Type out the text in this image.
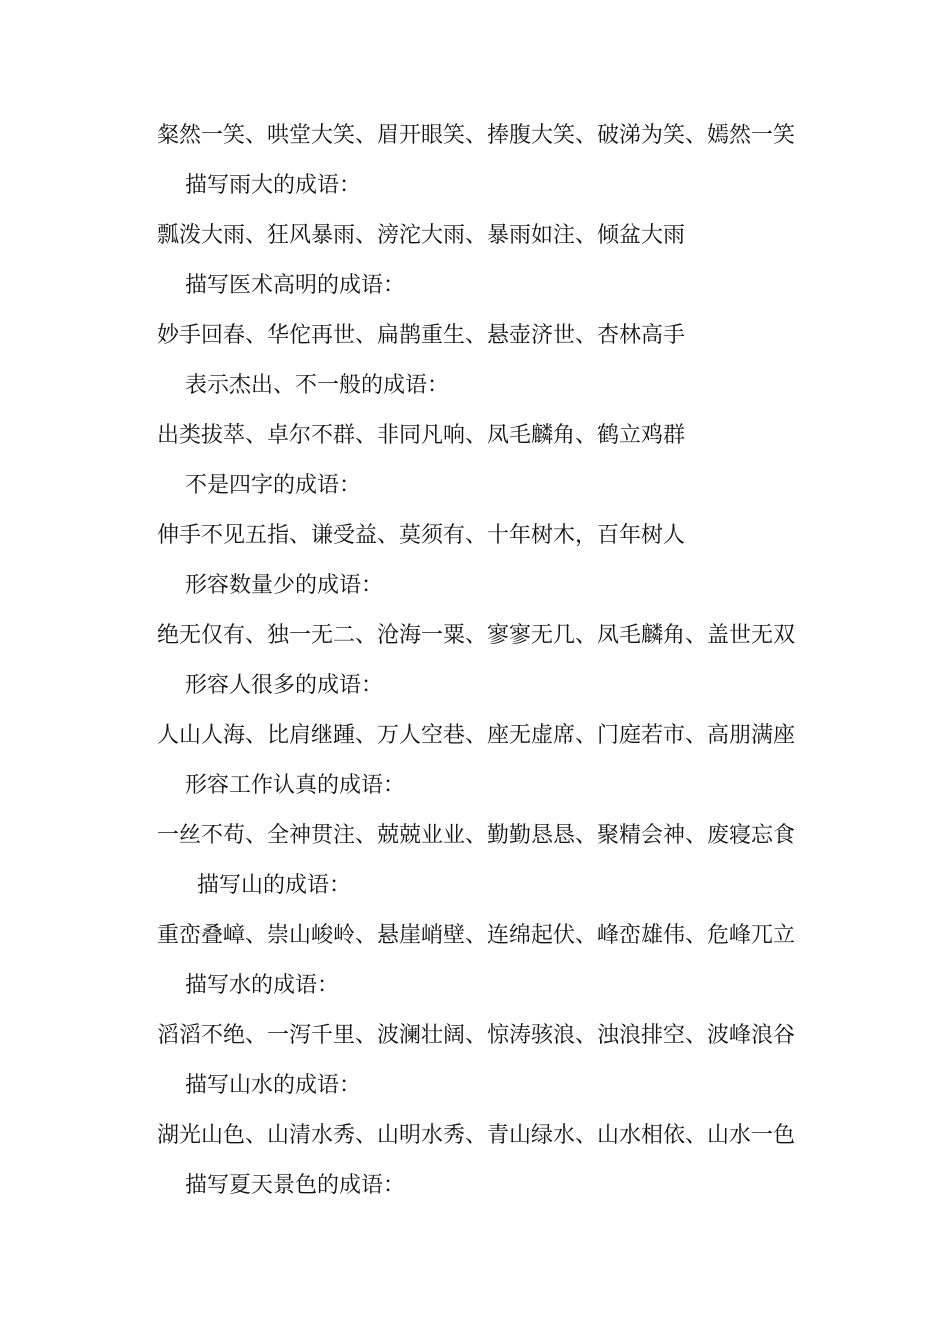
粲然一笑、哄堂大笑、眉开眼笑、捧腹大笑、破涕为笑、嫣然一笑
描写雨大的成语：
瓢泼大雨、狂风暴雨、滂沱大雨、暴雨如注、倾盆大雨
描写医术高明的成语：
妙手回春、华佗再世、扁鹊重生、悬壶济世、杏林高手
表示杰出、不一般的成语：
出类拔萃、卓尔不群、非同凡响、凤毛麟角、鹤立鸡群
不是四字的成语：
伸手不见五指、谦受益、莫须有、十年树木，百年树人
形容数量少的成语：
绝无仅有、独一无二、沧海一粟、寥寥无几、凤毛麟角、盖世无双
形容人很多的成语：
人山人海、比肩继踵、万人空巷、座无虚席、门庭若市、高朋满座
形容工作认真的成语：
一丝不苟、全神贯注、兢兢业业、勤勤恳恳、聚精会神、废寝忘食
描写山的成语：
重峦叠嶂、崇山峻岭、悬崖峭壁、连绵起伏、峰峦雄伟、危峰兀立
描写水的成语：
滔滔不绝、一泻千里、波澜壮阔、惊涛骇浪、浊浪排空、波峰浪谷
描写山水的成语：
湖光山色、山清水秀、山明水秀、青山绿水、山水相依、山水一色
描写夏天景色的成语：
